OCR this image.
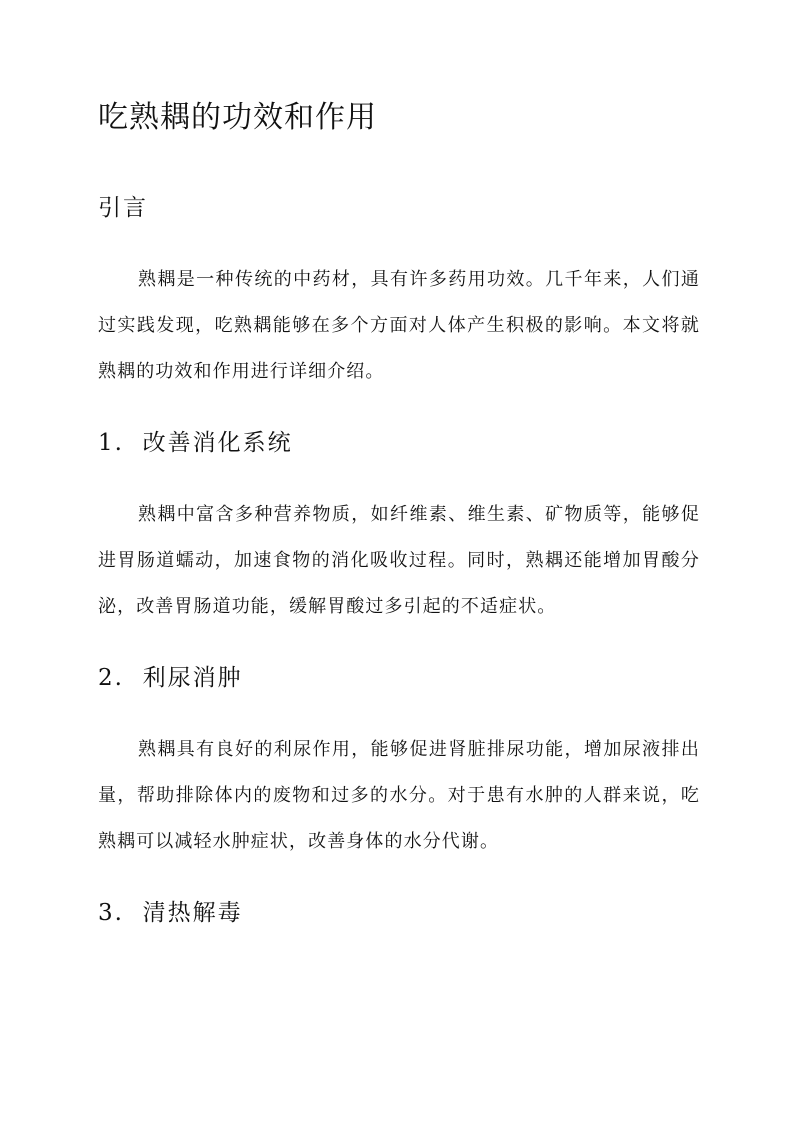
吃熟耦的功效和作用
引言

熟耦是一种传统的中药材，具有许多药用功效。几千年来，人们通过实践发现，吃熟耦能够在多个方面对人体产生积极的影响。本文将就熟耦的功效和作用进行详细介绍。

1. 改善消化系统

熟耦中富含多种营养物质，如纤维素、维生素、矿物质等，能够促进胃肠道蠕动，加速食物的消化吸收过程。同时，熟耦还能增加胃酸分泌，改善胃肠道功能，缓解胃酸过多引起的不适症状。

2. 利尿消肿

熟耦具有良好的利尿作用，能够促进肾脏排尿功能，增加尿液排出量，帮助排除体内的废物和过多的水分。对于患有水肿的人群来说，吃熟耦可以减轻水肿症状，改善身体的水分代谢。

3. 清热解毒
